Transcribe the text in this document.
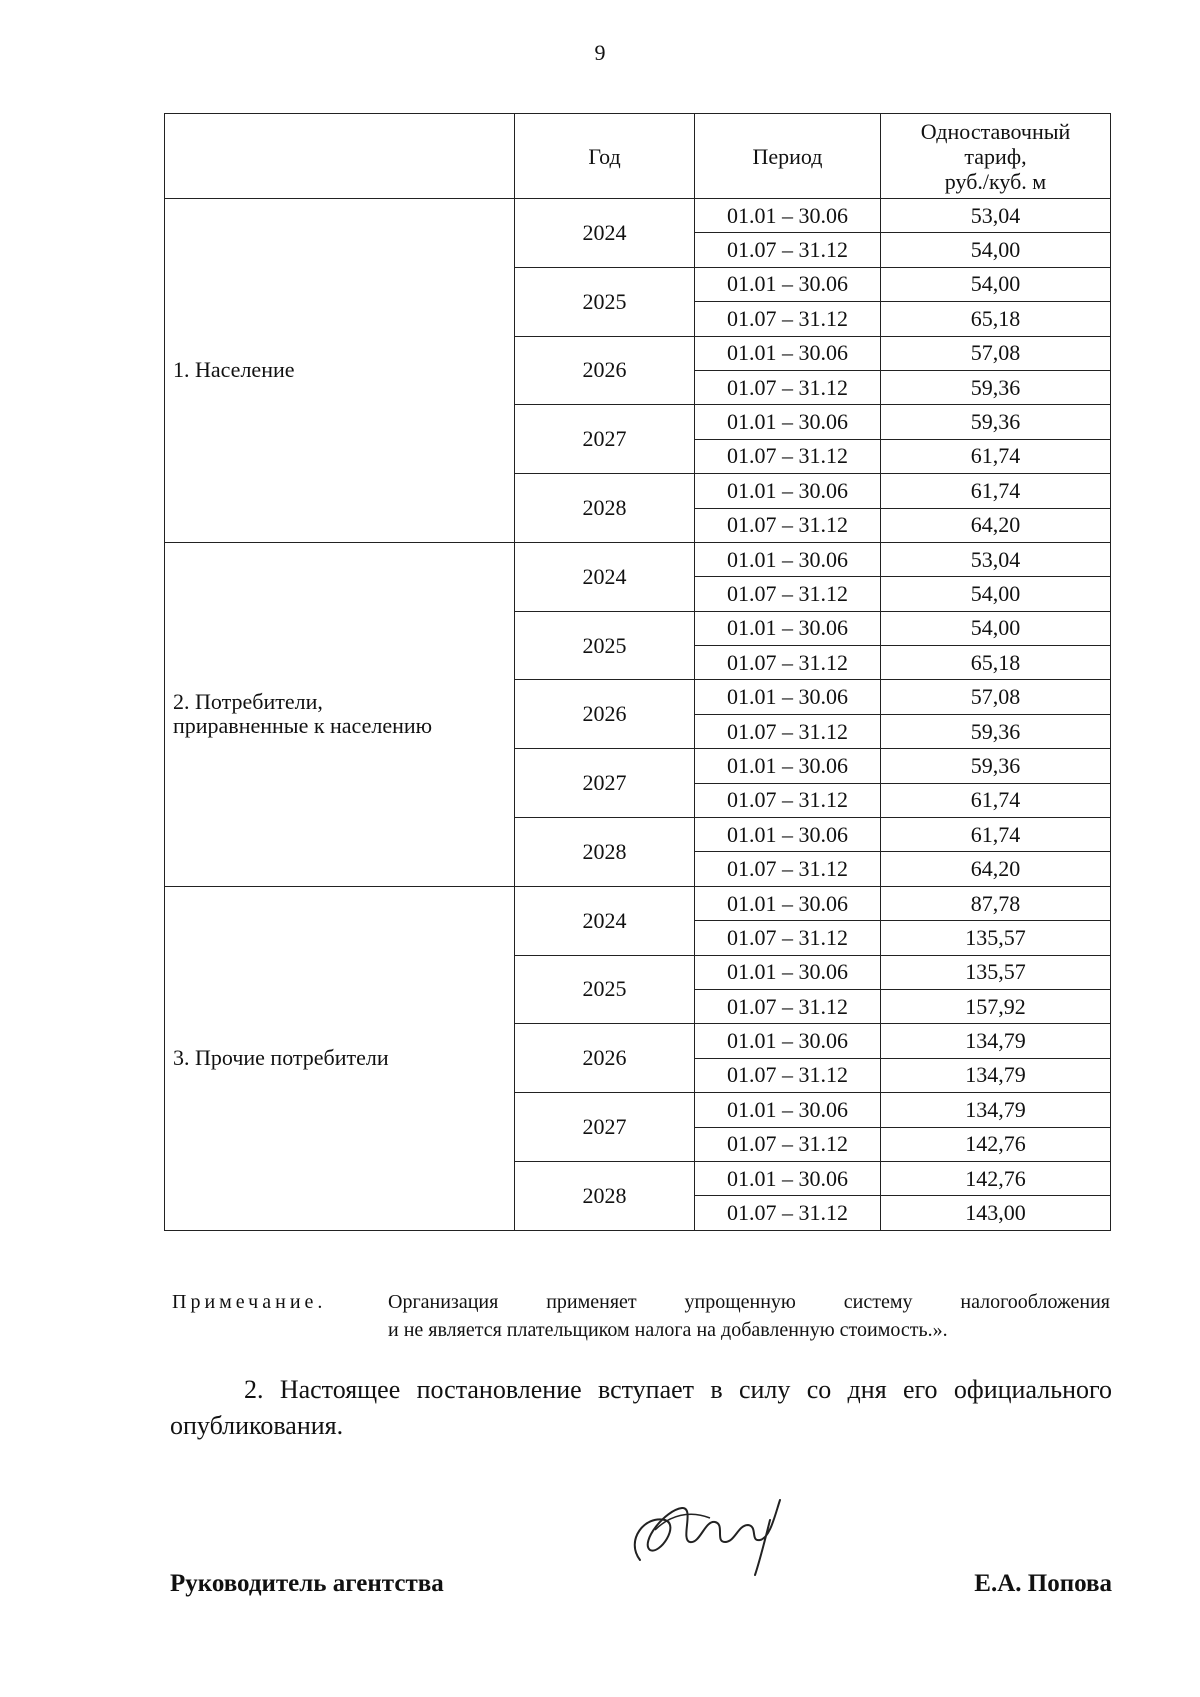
9
	Год	Период	Одноставочный
тариф,
руб./куб. м

1. Население	2024	01.01 – 30.06	53,04
		01.07 – 31.12	54,00
	2025	01.01 – 30.06	54,00
		01.07 – 31.12	65,18
	2026	01.01 – 30.06	57,08
		01.07 – 31.12	59,36
	2027	01.01 – 30.06	59,36
		01.07 – 31.12	61,74
	2028	01.01 – 30.06	61,74
		01.07 – 31.12	64,20

2. Потребители,
приравненные к населению	2024	01.01 – 30.06	53,04
		01.07 – 31.12	54,00
	2025	01.01 – 30.06	54,00
		01.07 – 31.12	65,18
	2026	01.01 – 30.06	57,08
		01.07 – 31.12	59,36
	2027	01.01 – 30.06	59,36
		01.07 – 31.12	61,74
	2028	01.01 – 30.06	61,74
		01.07 – 31.12	64,20

3. Прочие потребители	2024	01.01 – 30.06	87,78
		01.07 – 31.12	135,57
	2025	01.01 – 30.06	135,57
		01.07 – 31.12	157,92
	2026	01.01 – 30.06	134,79
		01.07 – 31.12	134,79
	2027	01.01 – 30.06	134,79
		01.07 – 31.12	142,76
	2028	01.01 – 30.06	142,76
		01.07 – 31.12	143,00
Примечание.	Организация применяет упрощенную систему налогообложения
и не является плательщиком налога на добавленную стоимость.».
2. Настоящее постановление вступает в силу со дня его официального
опубликования.
Руководитель агентства	Е.А. Попова
